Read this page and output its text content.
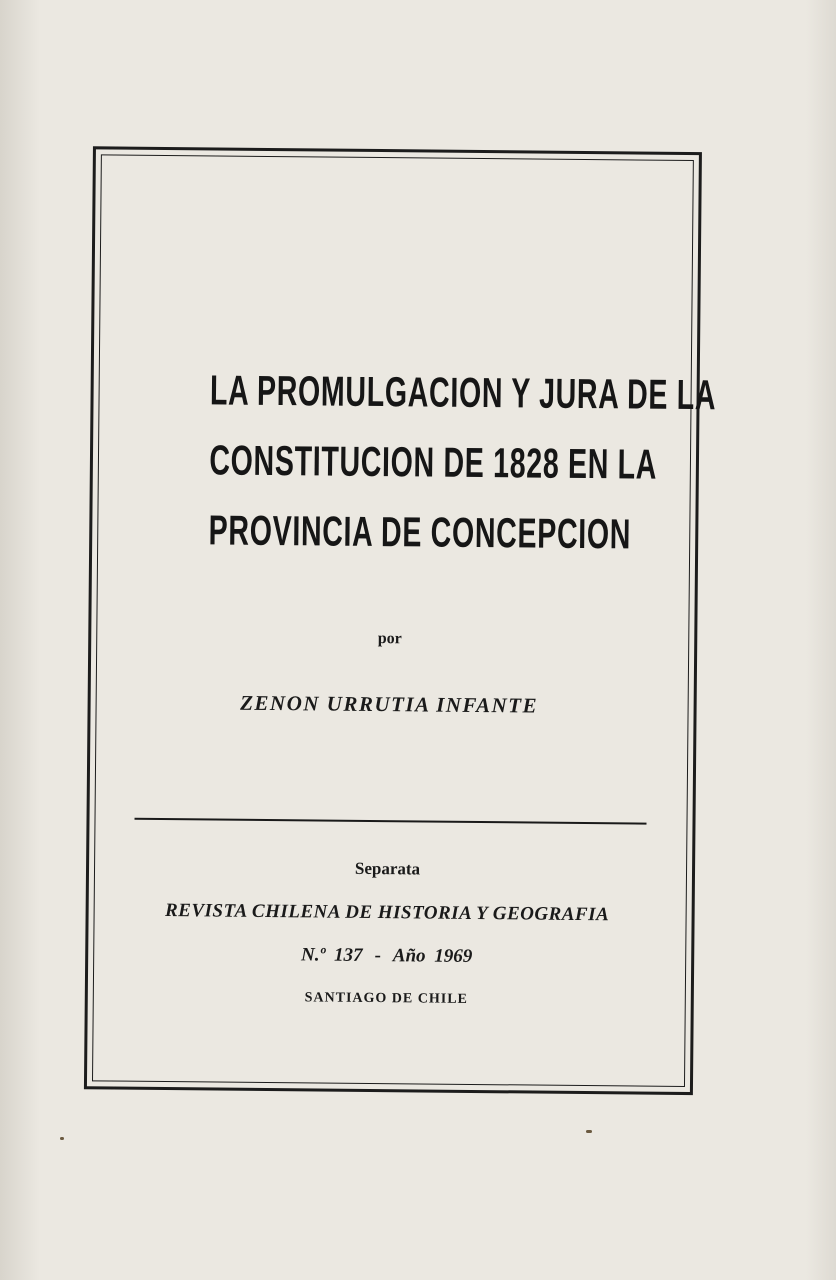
LA PROMULGACION Y JURA DE LA
CONSTITUCION DE 1828 EN LA
PROVINCIA DE CONCEPCION
por
ZENON URRUTIA INFANTE
Separata
REVISTA CHILENA DE HISTORIA Y GEOGRAFIA
N.º 137 - Año 1969
SANTIAGO DE CHILE
